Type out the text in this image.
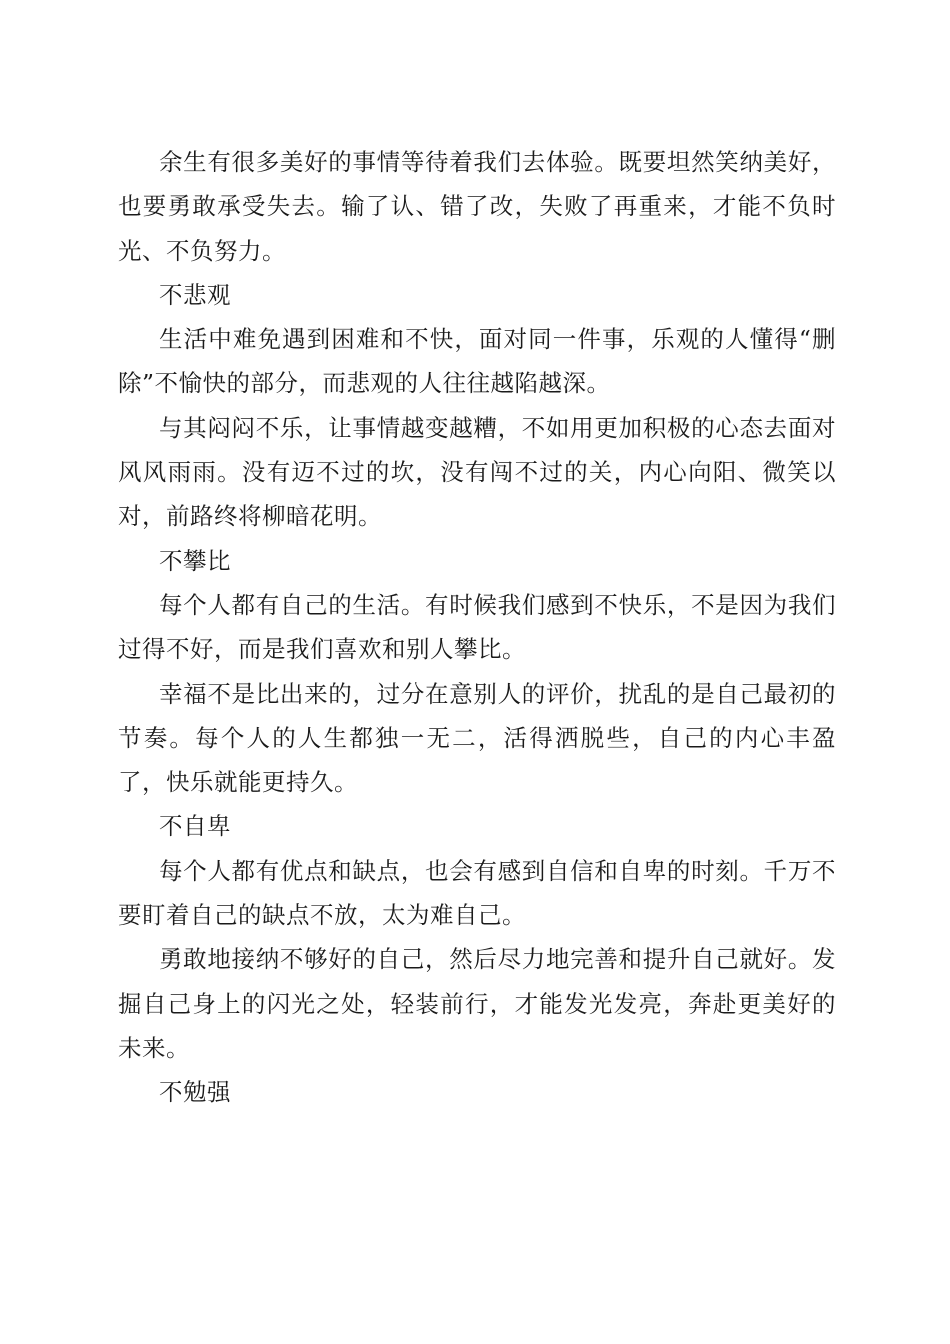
余生有很多美好的事情等待着我们去体验。既要坦然笑纳美好，也要勇敢承受失去。输了认、错了改，失败了再重来，才能不负时光、不负努力。

不悲观

生活中难免遇到困难和不快，面对同一件事，乐观的人懂得“删除”不愉快的部分，而悲观的人往往越陷越深。

与其闷闷不乐，让事情越变越糟，不如用更加积极的心态去面对风风雨雨。没有迈不过的坎，没有闯不过的关，内心向阳、微笑以对，前路终将柳暗花明。

不攀比

每个人都有自己的生活。有时候我们感到不快乐，不是因为我们过得不好，而是我们喜欢和别人攀比。

幸福不是比出来的，过分在意别人的评价，扰乱的是自己最初的节奏。每个人的人生都独一无二，活得洒脱些，自己的内心丰盈了，快乐就能更持久。

不自卑

每个人都有优点和缺点，也会有感到自信和自卑的时刻。千万不要盯着自己的缺点不放，太为难自己。

勇敢地接纳不够好的自己，然后尽力地完善和提升自己就好。发掘自己身上的闪光之处，轻装前行，才能发光发亮，奔赴更美好的未来。

不勉强
